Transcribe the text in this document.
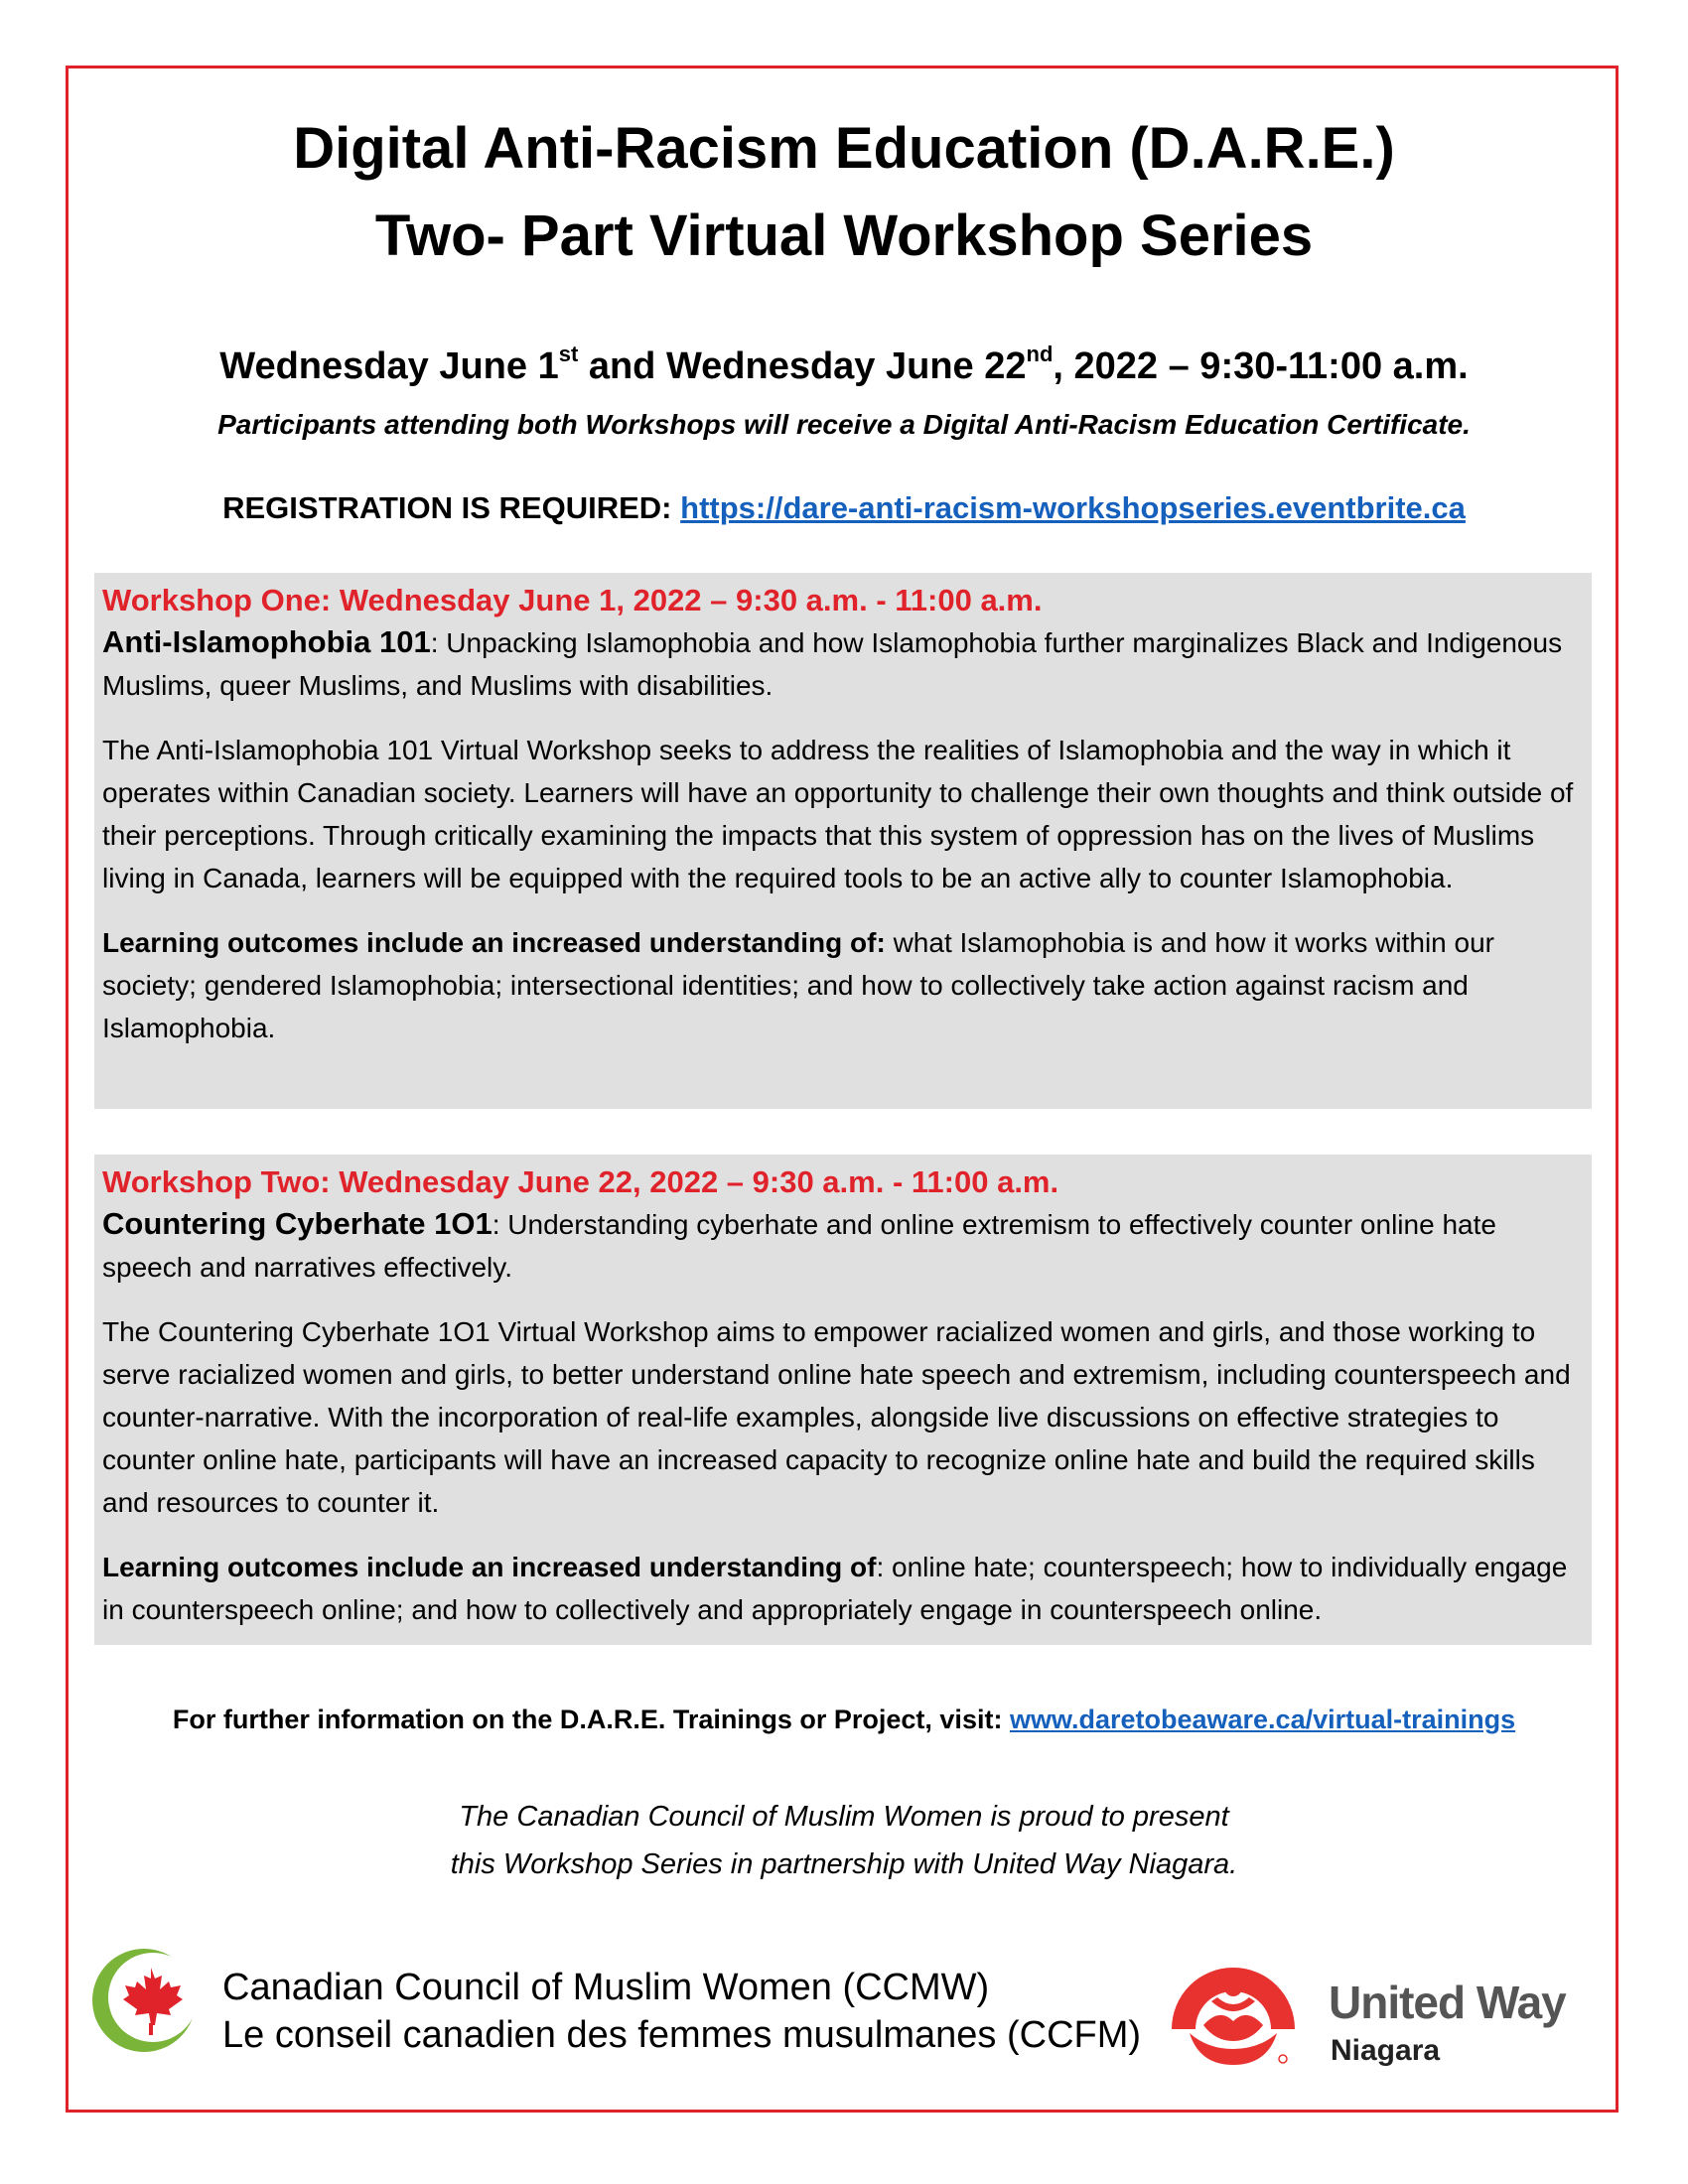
Digital Anti-Racism Education (D.A.R.E.)
Two- Part Virtual Workshop Series
Wednesday June 1st and Wednesday June 22nd, 2022 – 9:30-11:00 a.m.
Participants attending both Workshops will receive a Digital Anti-Racism Education Certificate.
REGISTRATION IS REQUIRED: https://dare-anti-racism-workshopseries.eventbrite.ca
Workshop One: Wednesday June 1, 2022 – 9:30 a.m. - 11:00 a.m.

Anti-Islamophobia 101: Unpacking Islamophobia and how Islamophobia further marginalizes Black and Indigenous Muslims, queer Muslims, and Muslims with disabilities.

The Anti-Islamophobia 101 Virtual Workshop seeks to address the realities of Islamophobia and the way in which it operates within Canadian society. Learners will have an opportunity to challenge their own thoughts and think outside of their perceptions. Through critically examining the impacts that this system of oppression has on the lives of Muslims living in Canada, learners will be equipped with the required tools to be an active ally to counter Islamophobia.

Learning outcomes include an increased understanding of: what Islamophobia is and how it works within our society; gendered Islamophobia; intersectional identities; and how to collectively take action against racism and Islamophobia.

Workshop Two: Wednesday June 22, 2022 – 9:30 a.m. - 11:00 a.m.

Countering Cyberhate 1O1: Understanding cyberhate and online extremism to effectively counter online hate speech and narratives effectively.

The Countering Cyberhate 1O1 Virtual Workshop aims to empower racialized women and girls, and those working to serve racialized women and girls, to better understand online hate speech and extremism, including counterspeech and counter-narrative. With the incorporation of real-life examples, alongside live discussions on effective strategies to counter online hate, participants will have an increased capacity to recognize online hate and build the required skills and resources to counter it.

Learning outcomes include an increased understanding of: online hate; counterspeech; how to individually engage in counterspeech online; and how to collectively and appropriately engage in counterspeech online.

For further information on the D.A.R.E. Trainings or Project, visit: www.daretobeaware.ca/virtual-trainings
The Canadian Council of Muslim Women is proud to present
this Workshop Series in partnership with United Way Niagara.
Canadian Council of Muslim Women (CCMW)
Le conseil canadien des femmes musulmanes (CCFM)
United Way
Niagara
